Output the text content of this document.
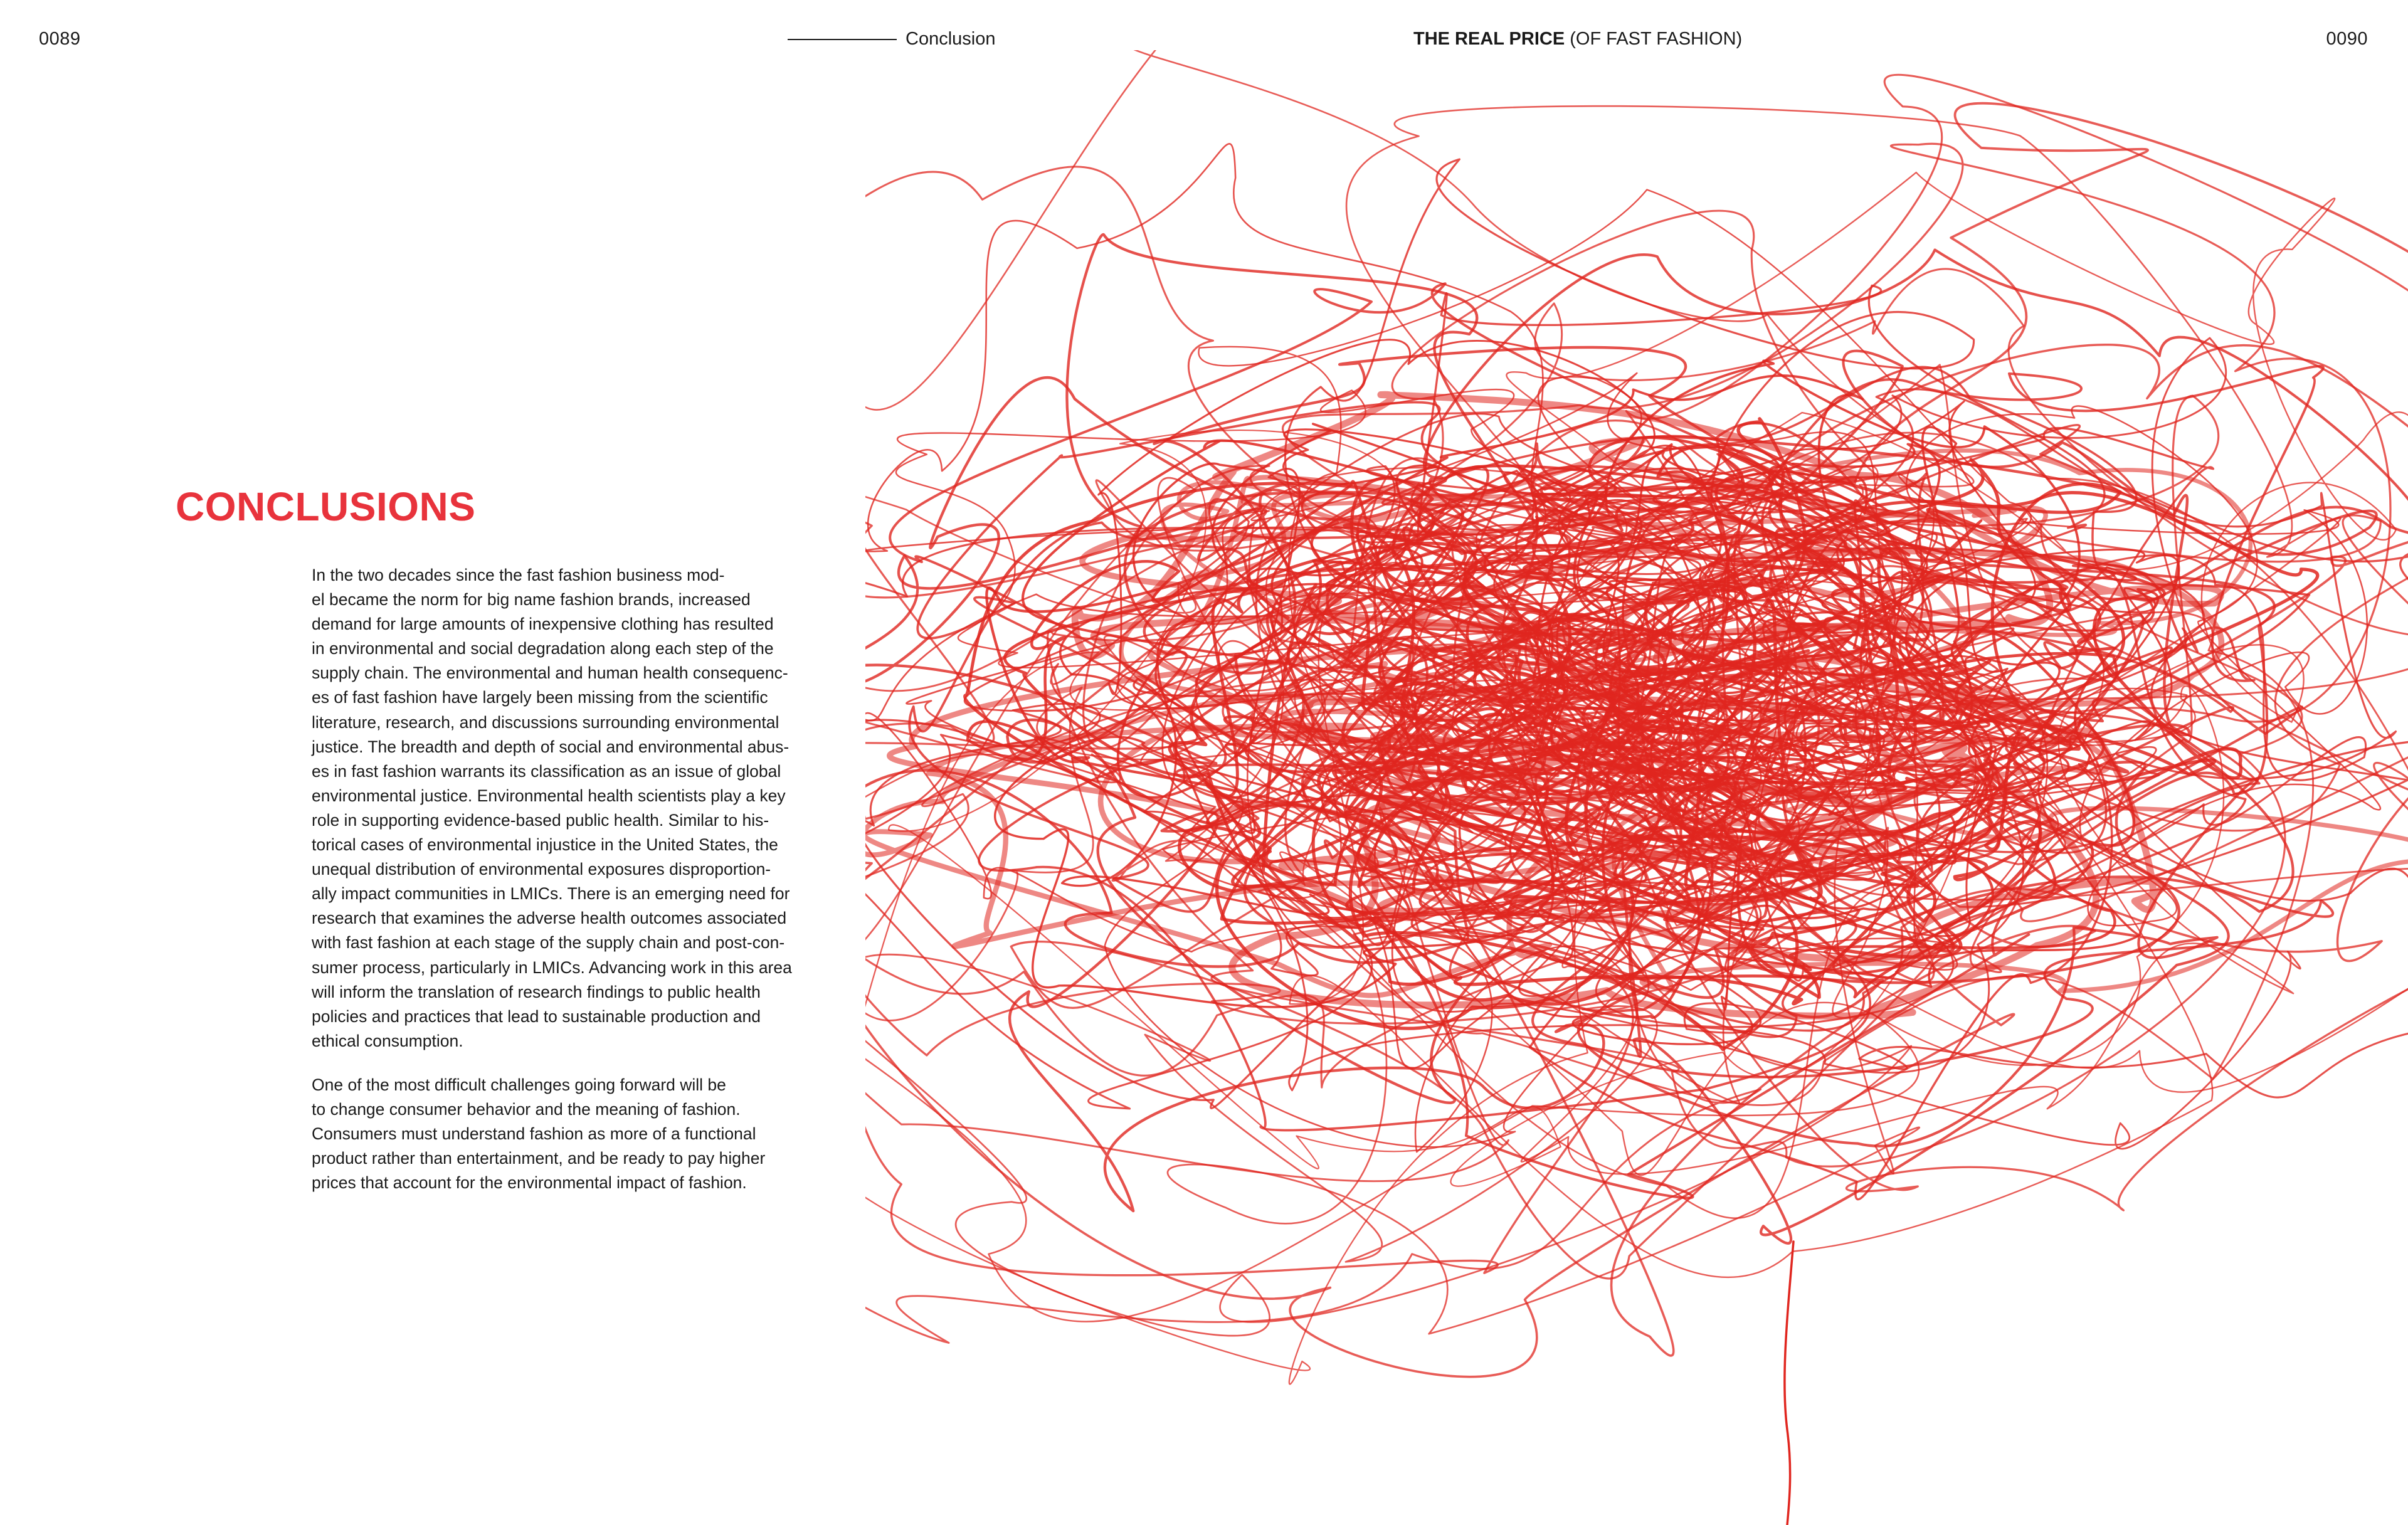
0089	Conclusion	THE REAL PRICE (OF FAST FASHION)	0090
CONCLUSIONS

In the two decades since the fast fashion business mod-
el became the norm for big name fashion brands, increased
demand for large amounts of inexpensive clothing has resulted
in environmental and social degradation along each step of the
supply chain. The environmental and human health consequenc-
es of fast fashion have largely been missing from the scientific
literature, research, and discussions surrounding environmental
justice. The breadth and depth of social and environmental abus-
es in fast fashion warrants its classification as an issue of global
environmental justice. Environmental health scientists play a key
role in supporting evidence-based public health. Similar to his-
torical cases of environmental injustice in the United States, the
unequal distribution of environmental exposures disproportion-
ally impact communities in LMICs. There is an emerging need for
research that examines the adverse health outcomes associated
with fast fashion at each stage of the supply chain and post-con-
sumer process, particularly in LMICs. Advancing work in this area
will inform the translation of research findings to public health
policies and practices that lead to sustainable production and
ethical consumption.

One of the most difficult challenges going forward will be
to change consumer behavior and the meaning of fashion.
Consumers must understand fashion as more of a functional
product rather than entertainment, and be ready to pay higher
prices that account for the environmental impact of fashion.
